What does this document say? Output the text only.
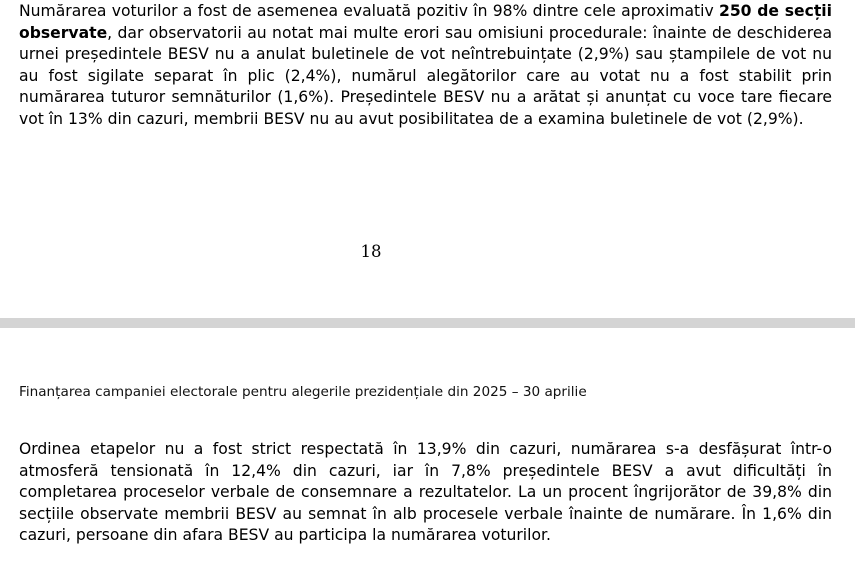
Numărarea voturilor a fost de asemenea evaluată pozitiv în 98% dintre cele aproximativ 250 de secții observate, dar observatorii au notat mai multe erori sau omisiuni procedurale: înainte de deschiderea urnei președintele BESV nu a anulat buletinele de vot neîntrebuințate (2,9%) sau ștampilele de vot nu au fost sigilate separat în plic (2,4%), numărul alegătorilor care au votat nu a fost stabilit prin numărarea tuturor semnăturilor (1,6%). Președintele BESV nu a arătat și anunțat cu voce tare fiecare vot în 13% din cazuri, membrii BESV nu au avut posibilitatea de a examina buletinele de vot (2,9%).

18

Finanțarea campaniei electorale pentru alegerile prezidențiale din 2025 – 30 aprilie

Ordinea etapelor nu a fost strict respectată în 13,9% din cazuri, numărarea s-a desfășurat într-o atmosferă tensionată în 12,4% din cazuri, iar în 7,8% președintele BESV a avut dificultăți în completarea proceselor verbale de consemnare a rezultatelor. La un procent îngrijorător de 39,8% din secțiile observate membrii BESV au semnat în alb procesele verbale înainte de numărare. În 1,6% din cazuri, persoane din afara BESV au participa la numărarea voturilor.
